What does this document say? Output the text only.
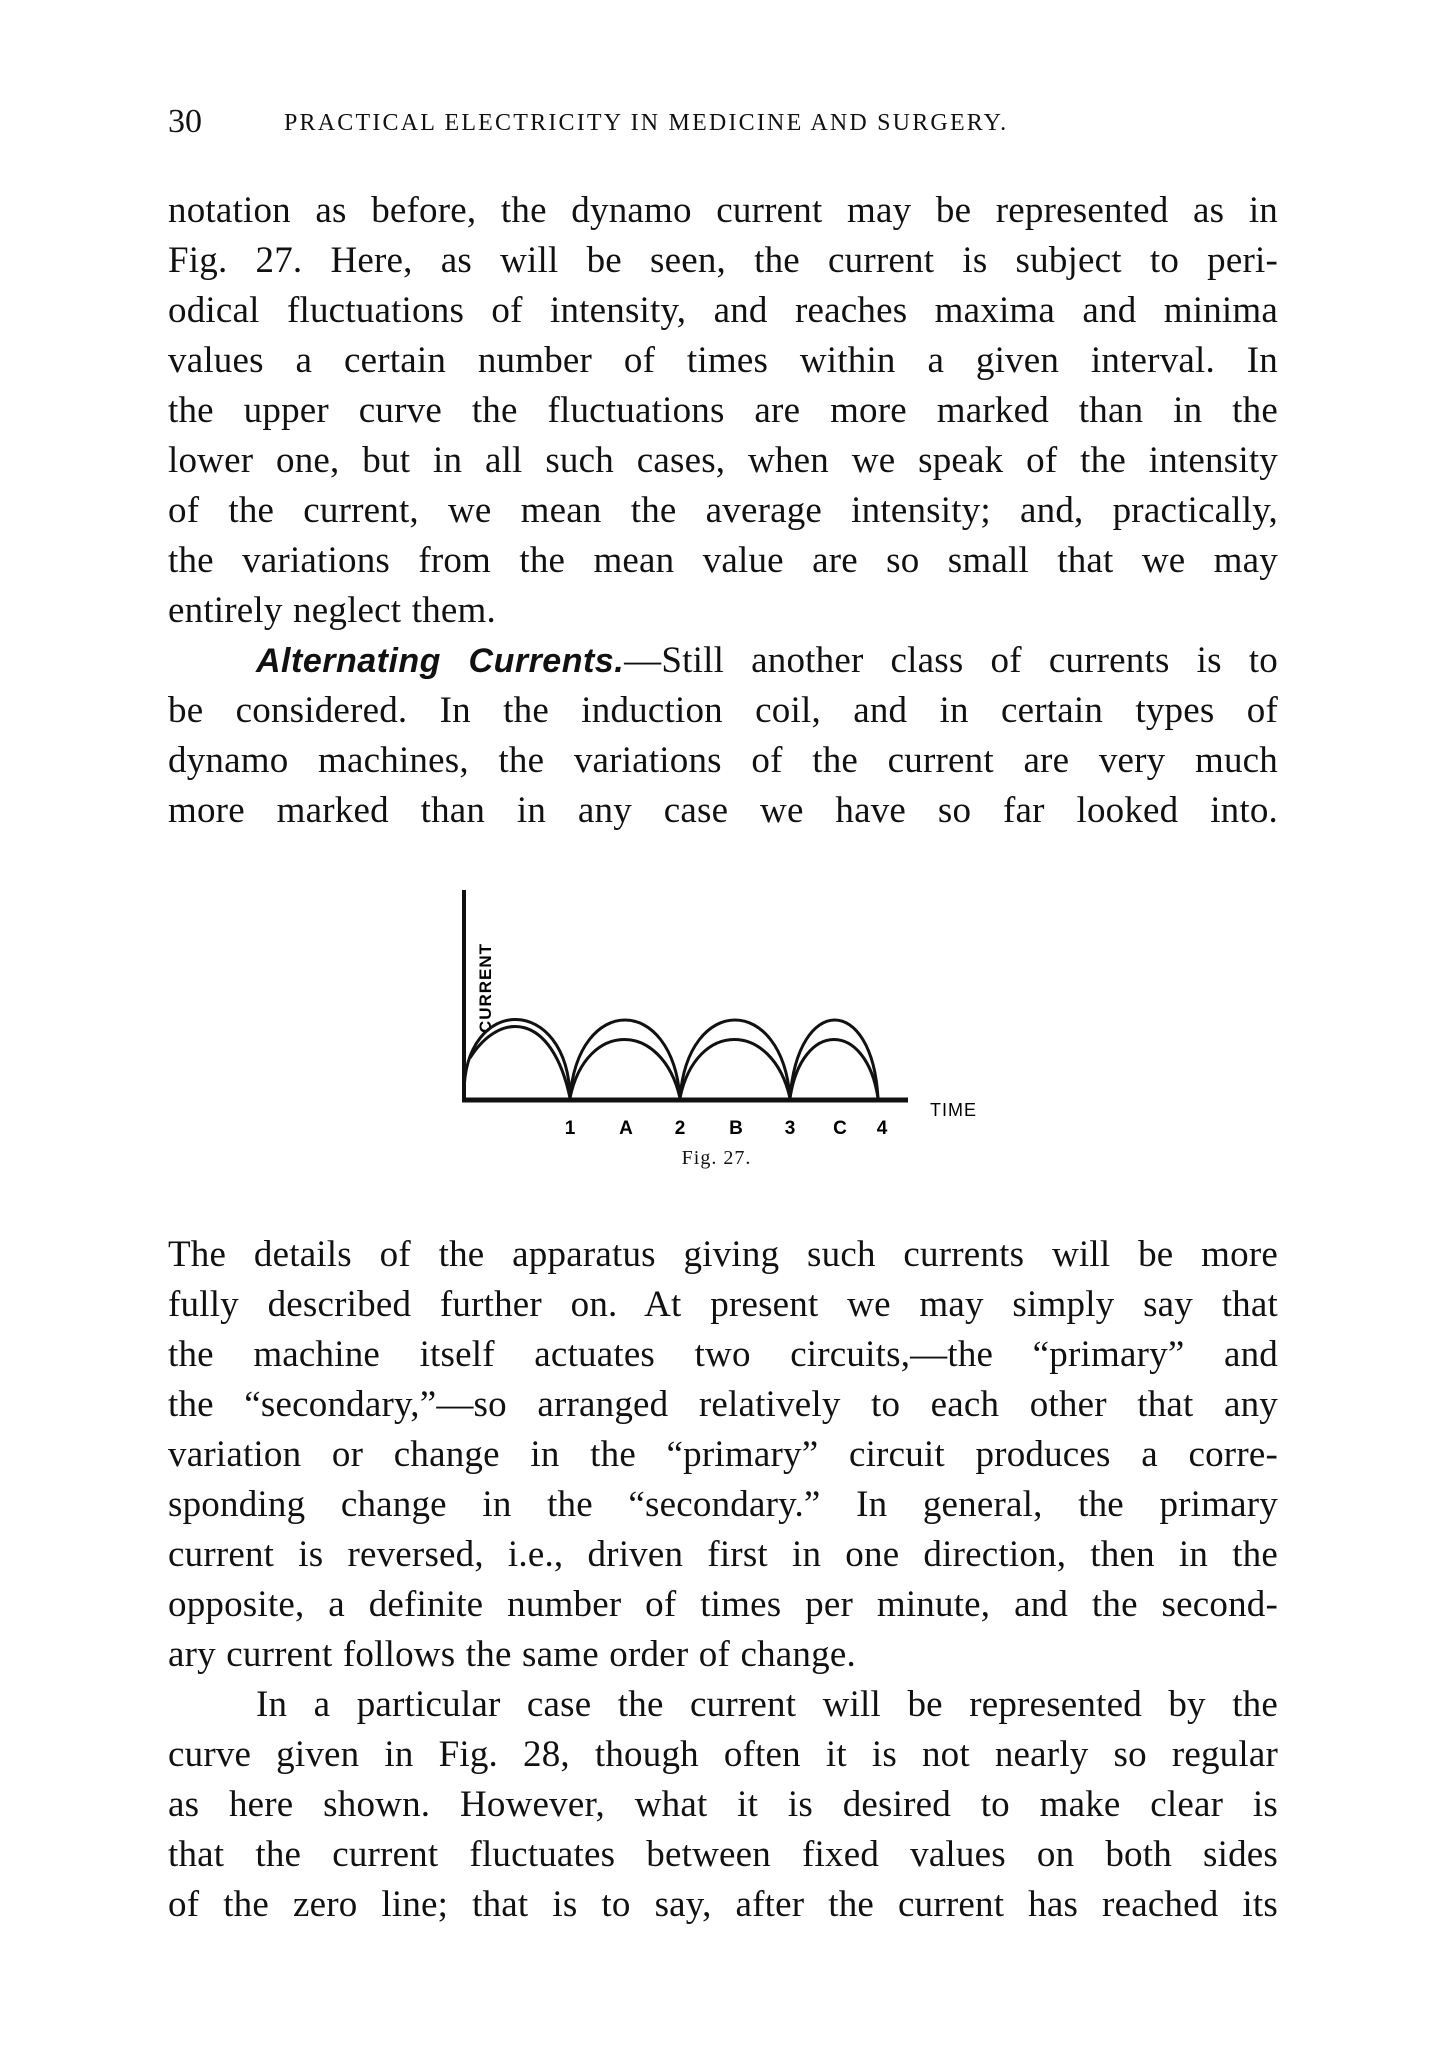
30	PRACTICAL ELECTRICITY IN MEDICINE AND SURGERY.

notation as before, the dynamo current may be represented as in
Fig. 27. Here, as will be seen, the current is subject to peri-
odical fluctuations of intensity, and reaches maxima and minima
values a certain number of times within a given interval. In
the upper curve the fluctuations are more marked than in the
lower one, but in all such cases, when we speak of the intensity
of the current, we mean the average intensity; and, practically,
the variations from the mean value are so small that we may
entirely neglect them.

Alternating Currents.—Still another class of currents is to
be considered. In the induction coil, and in certain types of
dynamo machines, the variations of the current are very much
more marked than in any case we have so far looked into.

CURRENT
1 A 2 B 3 C 4
TIME
Fig. 27.

The details of the apparatus giving such currents will be more
fully described further on. At present we may simply say that
the machine itself actuates two circuits,—the “primary” and
the “secondary,”—so arranged relatively to each other that any
variation or change in the “primary” circuit produces a corre-
sponding change in the “secondary.” In general, the primary
current is reversed, i.e., driven first in one direction, then in the
opposite, a definite number of times per minute, and the second-
ary current follows the same order of change.

In a particular case the current will be represented by the
curve given in Fig. 28, though often it is not nearly so regular
as here shown. However, what it is desired to make clear is
that the current fluctuates between fixed values on both sides
of the zero line; that is to say, after the current has reached its
